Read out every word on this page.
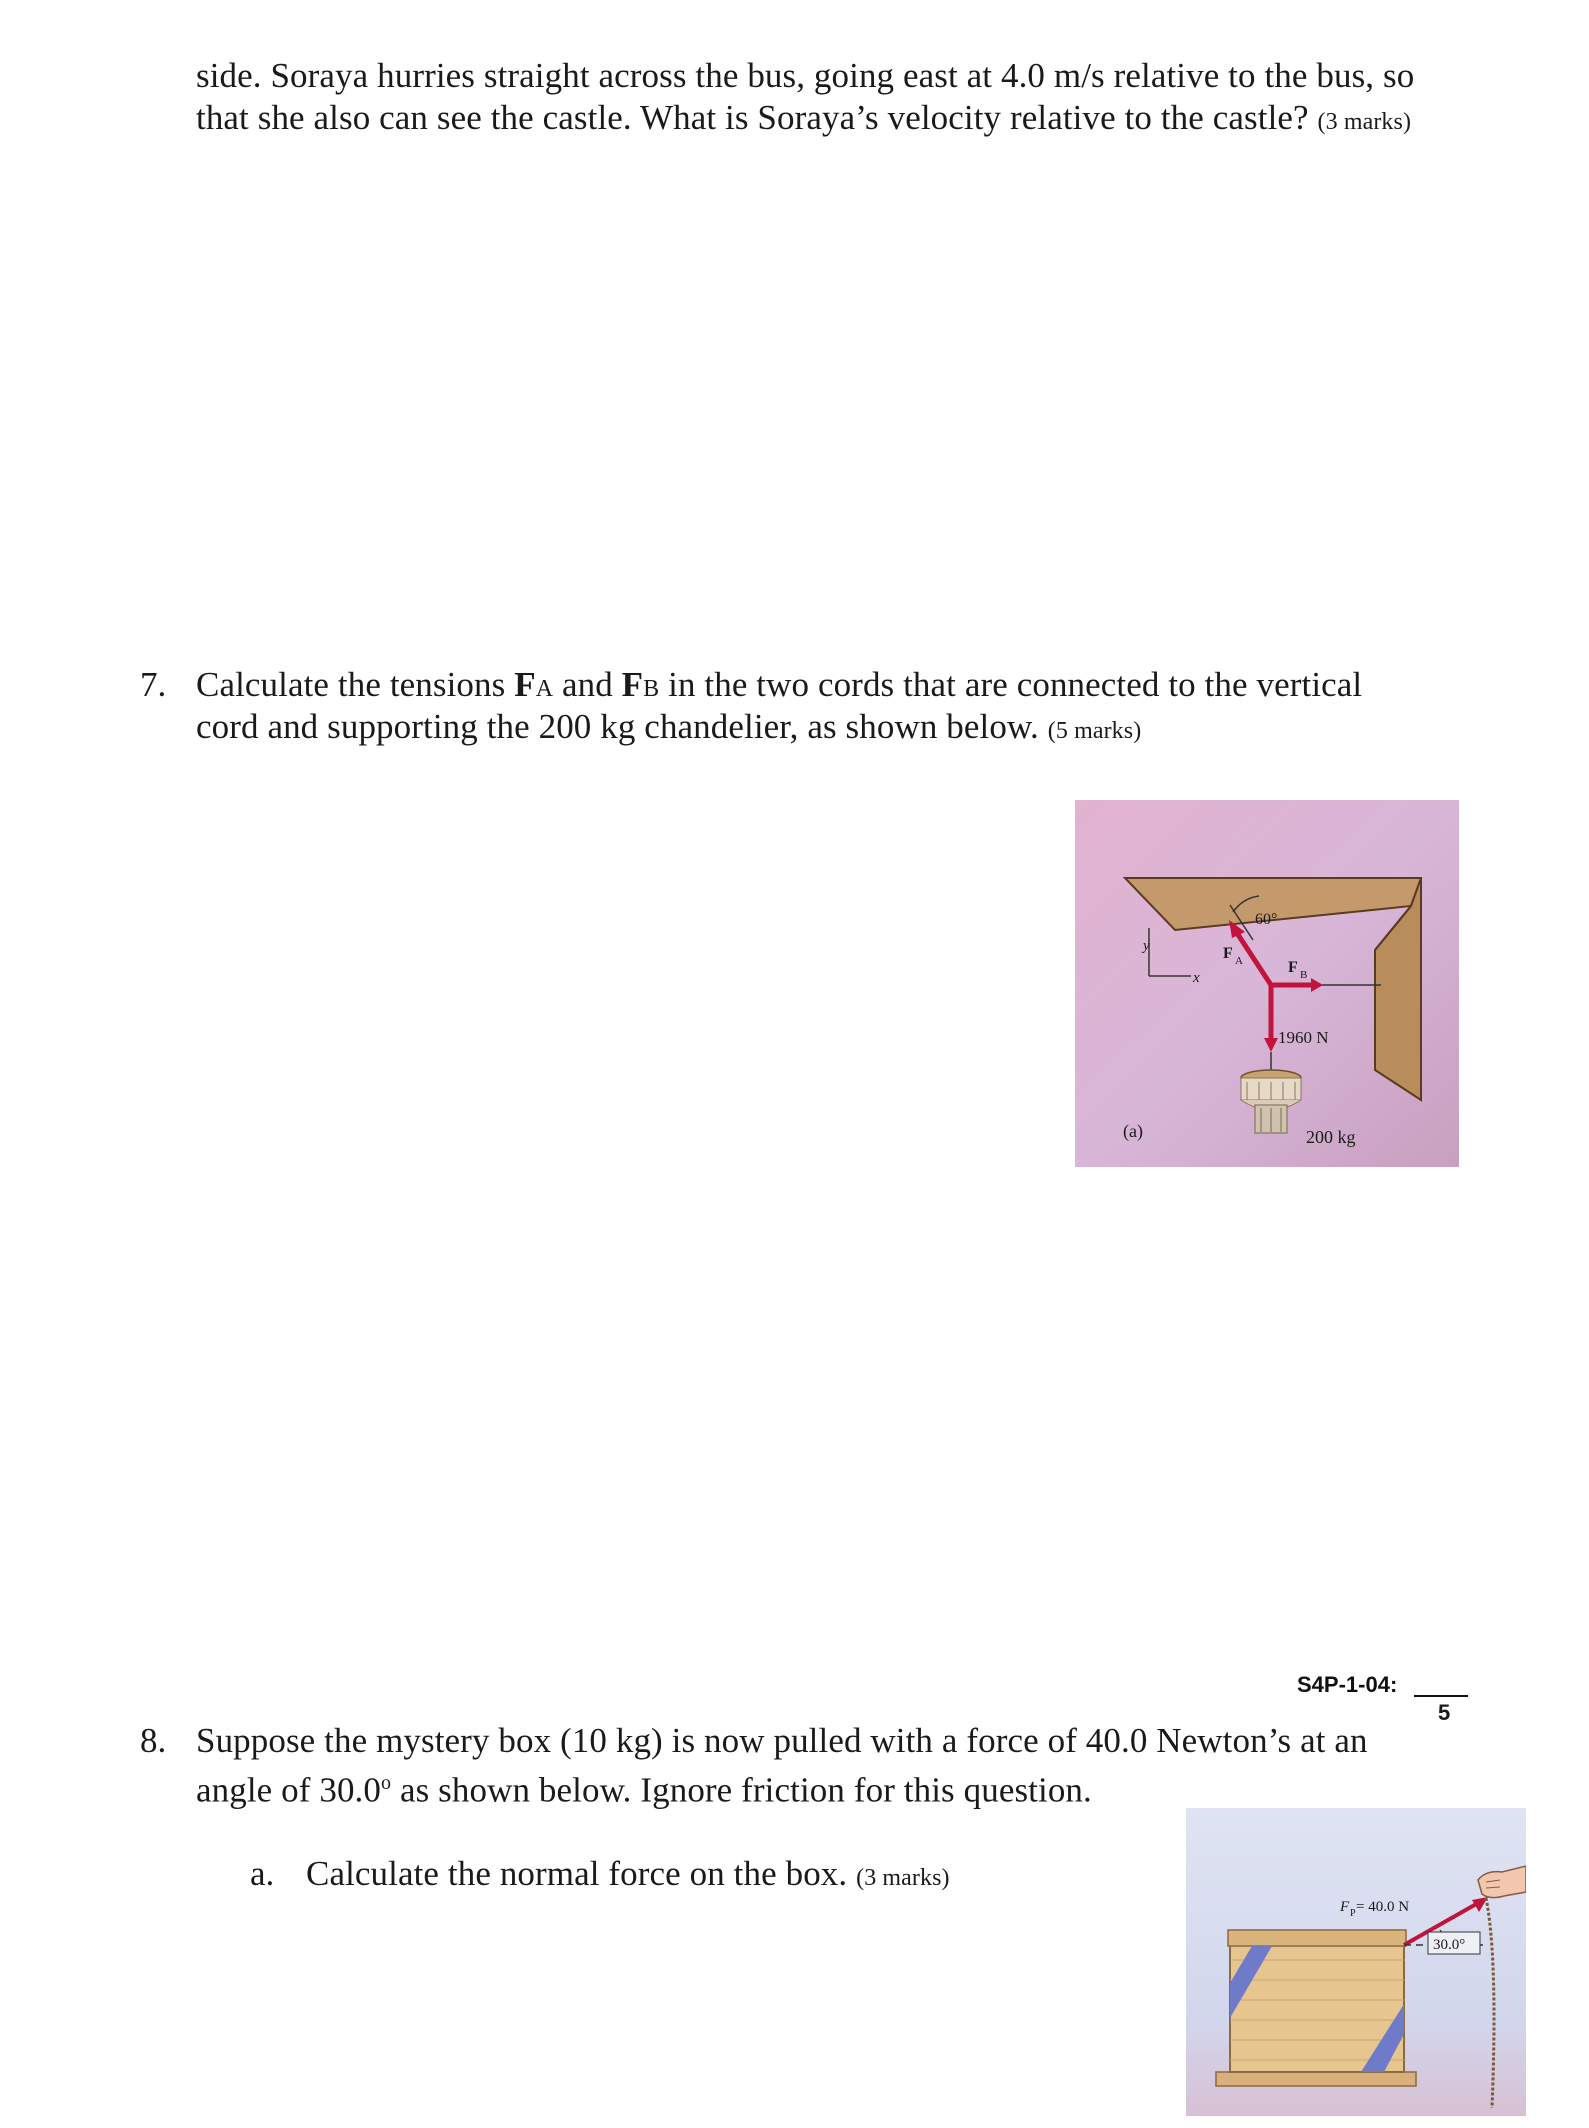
side. Soraya hurries straight across the bus, going east at 4.0 m/s relative to the bus, so
that she also can see the castle. What is Soraya’s velocity relative to the castle? (3 marks)
7. Calculate the tensions FA and FB in the two cords that are connected to the vertical
cord and supporting the 200 kg chandelier, as shown below. (5 marks)
60°
F A	F B
1960 N
y
x
(a)	200 kg
S4P-1-04:
5
8. Suppose the mystery box (10 kg) is now pulled with a force of 40.0 Newton’s at an
angle of 30.0$^o$ as shown below. Ignore friction for this question.
a. Calculate the normal force on the box. (3 marks)
F P = 40.0 N
30.0°
